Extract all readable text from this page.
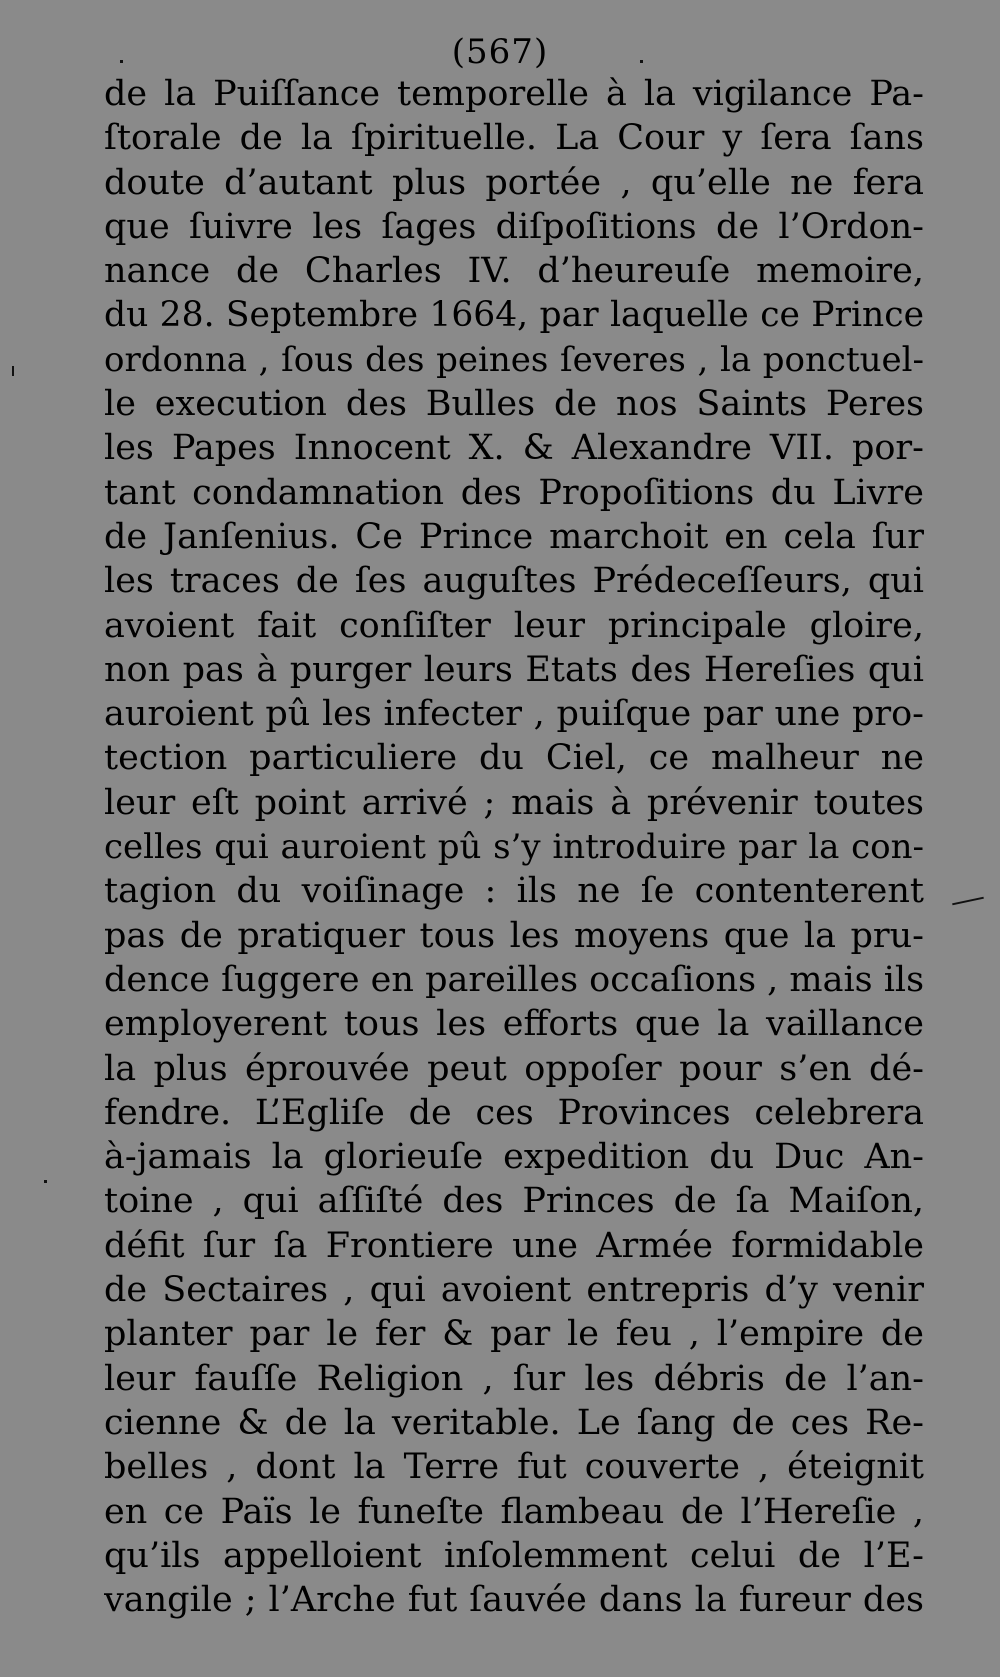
(567)
de la Puiſſance temporelle à la vigilance Pa-
ſtorale de la ſpirituelle. La Cour y ſera ſans
doute d’autant plus portée , qu’elle ne fera
que ſuivre les ſages diſpoſitions de l’Ordon-
nance de Charles IV. d’heureuſe memoire,
du 28. Septembre 1664, par laquelle ce Prince
ordonna , ſous des peines ſeveres , la ponctuel-
le execution des Bulles de nos Saints Peres
les Papes Innocent X. & Alexandre VII. por-
tant condamnation des Propoſitions du Livre
de Janſenius. Ce Prince marchoit en cela ſur
les traces de ſes auguſtes Prédeceſſeurs, qui
avoient fait conſiſter leur principale gloire,
non pas à purger leurs Etats des Hereſies qui
auroient pû les infecter , puiſque par une pro-
tection particuliere du Ciel, ce malheur ne
leur eſt point arrivé ; mais à prévenir toutes
celles qui auroient pû s’y introduire par la con-
tagion du voiſinage : ils ne ſe contenterent
pas de pratiquer tous les moyens que la pru-
dence ſuggere en pareilles occaſions , mais ils
employerent tous les efforts que la vaillance
la plus éprouvée peut oppoſer pour s’en dé-
fendre. L’Egliſe de ces Provinces celebrera
à-jamais la glorieuſe expedition du Duc An-
toine , qui aſſiſté des Princes de ſa Maiſon,
défit ſur ſa Frontiere une Armée formidable
de Sectaires , qui avoient entrepris d’y venir
planter par le fer & par le feu , l’empire de
leur fauſſe Religion , ſur les débris de l’an-
cienne & de la veritable. Le ſang de ces Re-
belles , dont la Terre fut couverte , éteignit
en ce Païs le funeſte flambeau de l’Hereſie ,
qu’ils appelloient inſolemment celui de l’E-
vangile ; l’Arche fut ſauvée dans la fureur des
